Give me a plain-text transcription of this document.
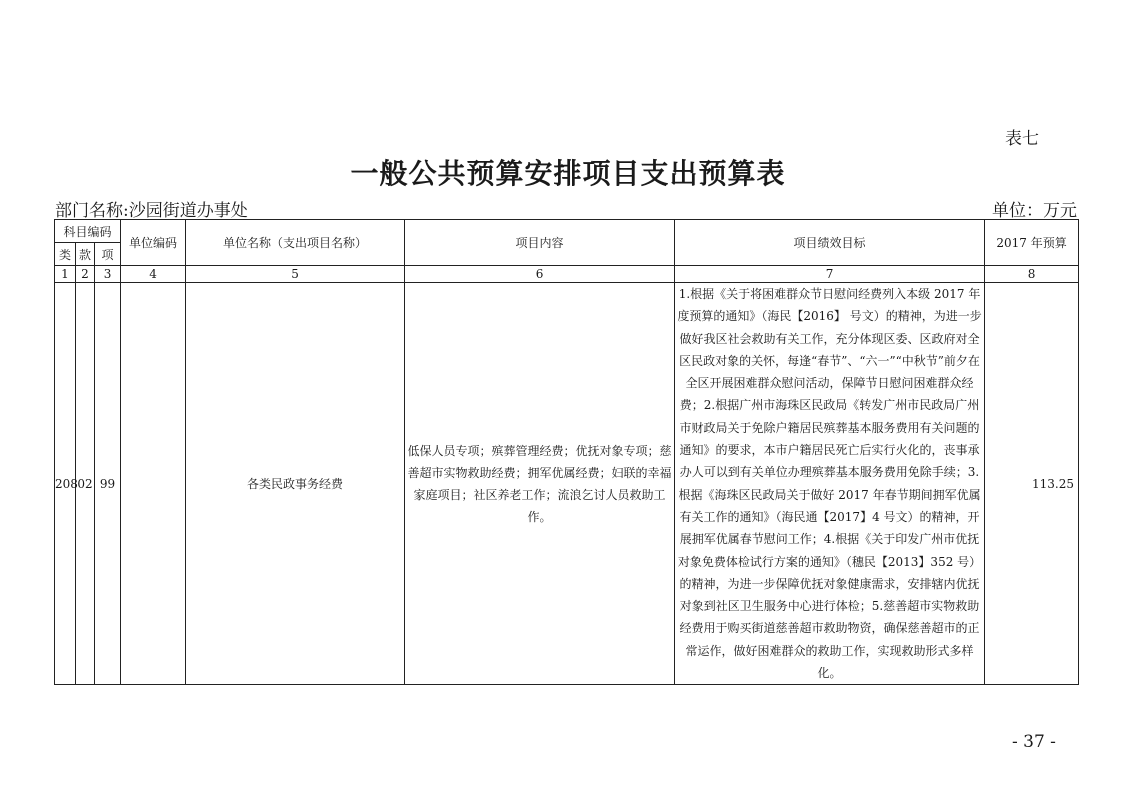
表七
一般公共预算安排项目支出预算表
部门名称:沙园街道办事处	单位：万元
科目编码			单位编码	单位名称（支出项目名称）	项目内容	项目绩效目标	2017 年预算
类	款	项					
1	2	3	4	5	6	7	8
208	02	99		各类民政事务经费	低保人员专项；殡葬管理经费；优抚对象专项；慈善超市实物救助经费；拥军优属经费；妇联的幸福家庭项目；社区养老工作；流浪乞讨人员救助工作。	1.根据《关于将困难群众节日慰问经费列入本级 2017 年度预算的通知》（海民【2016】 号文）的精神，为进一步做好我区社会救助有关工作，充分体现区委、区政府对全区民政对象的关怀，每逢“春节”、“六一”“中秋节”前夕在全区开展困难群众慰问活动，保障节日慰问困难群众经费；2.根据广州市海珠区民政局《转发广州市民政局广州市财政局关于免除户籍居民殡葬基本服务费用有关问题的通知》的要求，本市户籍居民死亡后实行火化的，丧事承办人可以到有关单位办理殡葬基本服务费用免除手续；3.根据《海珠区民政局关于做好 2017 年春节期间拥军优属有关工作的通知》（海民通【2017】4 号文）的精神，开展拥军优属春节慰问工作；4.根据《关于印发广州市优抚对象免费体检试行方案的通知》（穗民【2013】352 号）的精神，为进一步保障优抚对象健康需求，安排辖内优抚对象到社区卫生服务中心进行体检；5.慈善超市实物救助经费用于购买街道慈善超市救助物资，确保慈善超市的正常运作，做好困难群众的救助工作，实现救助形式多样化。	113.25
- 37 -
